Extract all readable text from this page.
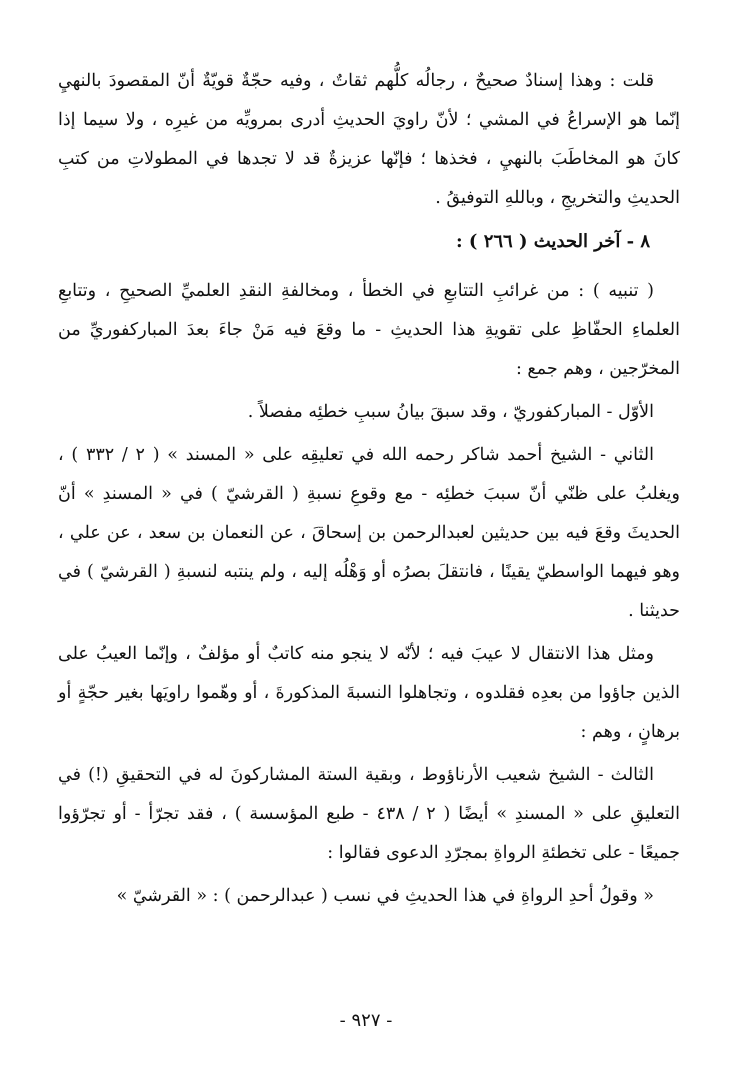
قلت : وهذا إسنادٌ صحيحٌ ، رجالُه كلُّهم ثقاتٌ ، وفيه حجّةٌ قويّةٌ أنّ المقصودَ بالنهيِ إنّما هو الإسراعُ في المشي ؛ لأنّ راويَ الحديثِ أدرى بمرويِّه من غيرِه ، ولا سيما إذا كانَ هو المخاطَبَ بالنهيِ ، فخذها ؛ فإنّها عزيزةٌ قد لا تجدها في المطولاتِ من كتبِ الحديثِ والتخريجِ ، وباللهِ التوفيقُ .

٨ - آخر الحديث ( ٢٦٦ ) :

( تنبيه ) : من غرائبِ التتابعِ في الخطأ ، ومخالفةِ النقدِ العلميِّ الصحيحِ ، وتتابعِ العلماءِ الحفّاظِ على تقويةِ هذا الحديثِ - ما وقعَ فيه مَنْ جاءَ بعدَ المباركفوريِّ من المخرّجين ، وهم جمع :

الأوّل - المباركفوريّ ، وقد سبقَ بيانُ سببِ خطئِه مفصلاً .

الثاني - الشيخ أحمد شاكر رحمه الله في تعليقِه على « المسند » ( ٢ / ٣٣٢ ) ، ويغلبُ على ظنّي أنّ سببَ خطئِه - مع وقوعِ نسبةِ ( القرشيّ ) في « المسندِ » أنّ الحديثَ وقعَ فيه بين حديثين لعبدالرحمن بن إسحاقَ ، عن النعمان بن سعد ، عن علي ، وهو فيهما الواسطيّ يقينًا ، فانتقلَ بصرُه أو وَهْلُه إليه ، ولم ينتبه لنسبةِ ( القرشيّ ) في حديثنا .

ومثل هذا الانتقال لا عيبَ فيه ؛ لأنّه لا ينجو منه كاتبٌ أو مؤلفٌ ، وإنّما العيبُ على الذين جاؤوا من بعدِه فقلدوه ، وتجاهلوا النسبةَ المذكورةَ ، أو وهّموا راويَها بغير حجّةٍ أو برهانٍ ، وهم :

الثالث - الشيخ شعيب الأرناؤوط ، وبقية الستة المشاركونَ له في التحقيقِ (!) في التعليقِ على « المسندِ » أيضًا ( ٢ / ٤٣٨ - طبع المؤسسة ) ، فقد تجرّأ - أو تجرّؤوا جميعًا - على تخطئةِ الرواةِ بمجرّدِ الدعوى فقالوا :

« وقولُ أحدِ الرواةِ في هذا الحديثِ في نسب ( عبدالرحمن ) : « القرشيّ »

- ٩٢٧ -
